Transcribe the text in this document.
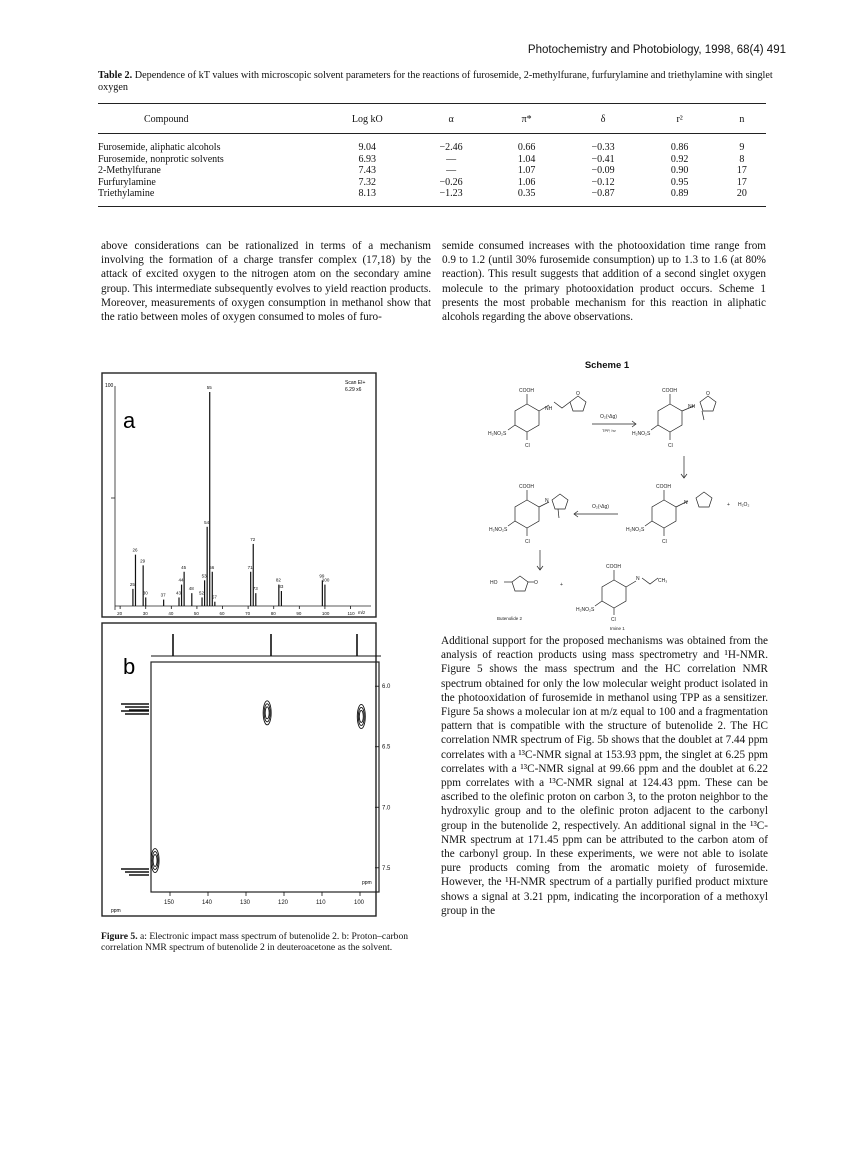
Photochemistry and Photobiology, 1998, 68(4) 491
Table 2. Dependence of kT values with microscopic solvent parameters for the reactions of furosemide, 2-methylfurane, furfurylamine and triethylamine with singlet oxygen
Compound	Log kO	α	π*	δ	r²	n
Furosemide, aliphatic alcohols	9.04	−2.46	0.66	−0.33	0.86	9
Furosemide, nonprotic solvents	6.93	—	1.04	−0.41	0.92	8
2-Methylfurane	7.43	—	1.07	−0.09	0.90	17
Furfurylamine	7.32	−0.26	1.06	−0.12	0.95	17
Triethylamine	8.13	−1.23	0.35	−0.87	0.89	20
above considerations can be rationalized in terms of a mechanism involving the formation of a charge transfer complex (17,18) by the attack of excited oxygen to the nitrogen atom on the secondary amine group. This intermediate subsequently evolves to yield reaction products. Moreover, measurements of oxygen consumption in methanol show that the ratio between moles of oxygen consumed to moles of furo-
semide consumed increases with the photooxidation time range from 0.9 to 1.2 (until 30% furosemide consumption) up to 1.3 to 1.6 (at 80% reaction). This result suggests that addition of a second singlet oxygen molecule to the primary photooxidation product occurs. Scheme 1 presents the most probable mechanism for this reaction in aliphatic alcohols regarding the above observations.
a
100	Scan EI+
6.29 x6
55
54
72
26
29
45	56	71
44
53
82
99
25
30	37 43
48
52
57
73	83
100
20	30	40	50	60	70	80	90	100	110 m/z
b
150	140	130	120	110	100
6.0
6.5
7.0
7.5
ppm
ppm
Figure 5. a: Electronic impact mass spectrum of butenolide 2. b: Proton–carbon correlation NMR spectrum of butenolide 2 in deuteroacetone as the solvent.
Scheme 1
COOH
NH
O
H₂NO₂S
Cl
O₂(¹Δg)
TPP, hν
COOH
NH
O
H₂NO₂S
Cl
COOH
N
H₂NO₂S
Cl
+ H₂O₂
O₂(¹Δg)
COOH
N
H₂NO₂S
Cl
HO	O	+
Butenolide 2
COOH
N	CH₃
H₂NO₂S
Cl
Imine 1
Additional support for the proposed mechanisms was obtained from the analysis of reaction products using mass spectrometry and ¹H-NMR. Figure 5 shows the mass spectrum and the HC correlation NMR spectrum obtained for only the low molecular weight product isolated in the photooxidation of furosemide in methanol using TPP as a sensitizer. Figure 5a shows a molecular ion at m/z equal to 100 and a fragmentation pattern that is compatible with the structure of butenolide 2. The HC correlation NMR spectrum of Fig. 5b shows that the doublet at 7.44 ppm correlates with a ¹³C-NMR signal at 153.93 ppm, the singlet at 6.25 ppm correlates with a ¹³C-NMR signal at 99.66 ppm and the doublet at 6.22 ppm correlates with a ¹³C-NMR signal at 124.43 ppm. These can be ascribed to the olefinic proton on carbon 3, to the proton neighbor to the hydroxylic group and to the olefinic proton adjacent to the carbonyl group in the butenolide 2, respectively. An additional signal in the ¹³C-NMR spectrum at 171.45 ppm can be attributed to the carbon atom of the carbonyl group. In these experiments, we were not able to isolate pure products coming from the aromatic moiety of furosemide. However, the ¹H-NMR spectrum of a partially purified product mixture shows a signal at 3.21 ppm, indicating the incorporation of a methoxyl group in the
